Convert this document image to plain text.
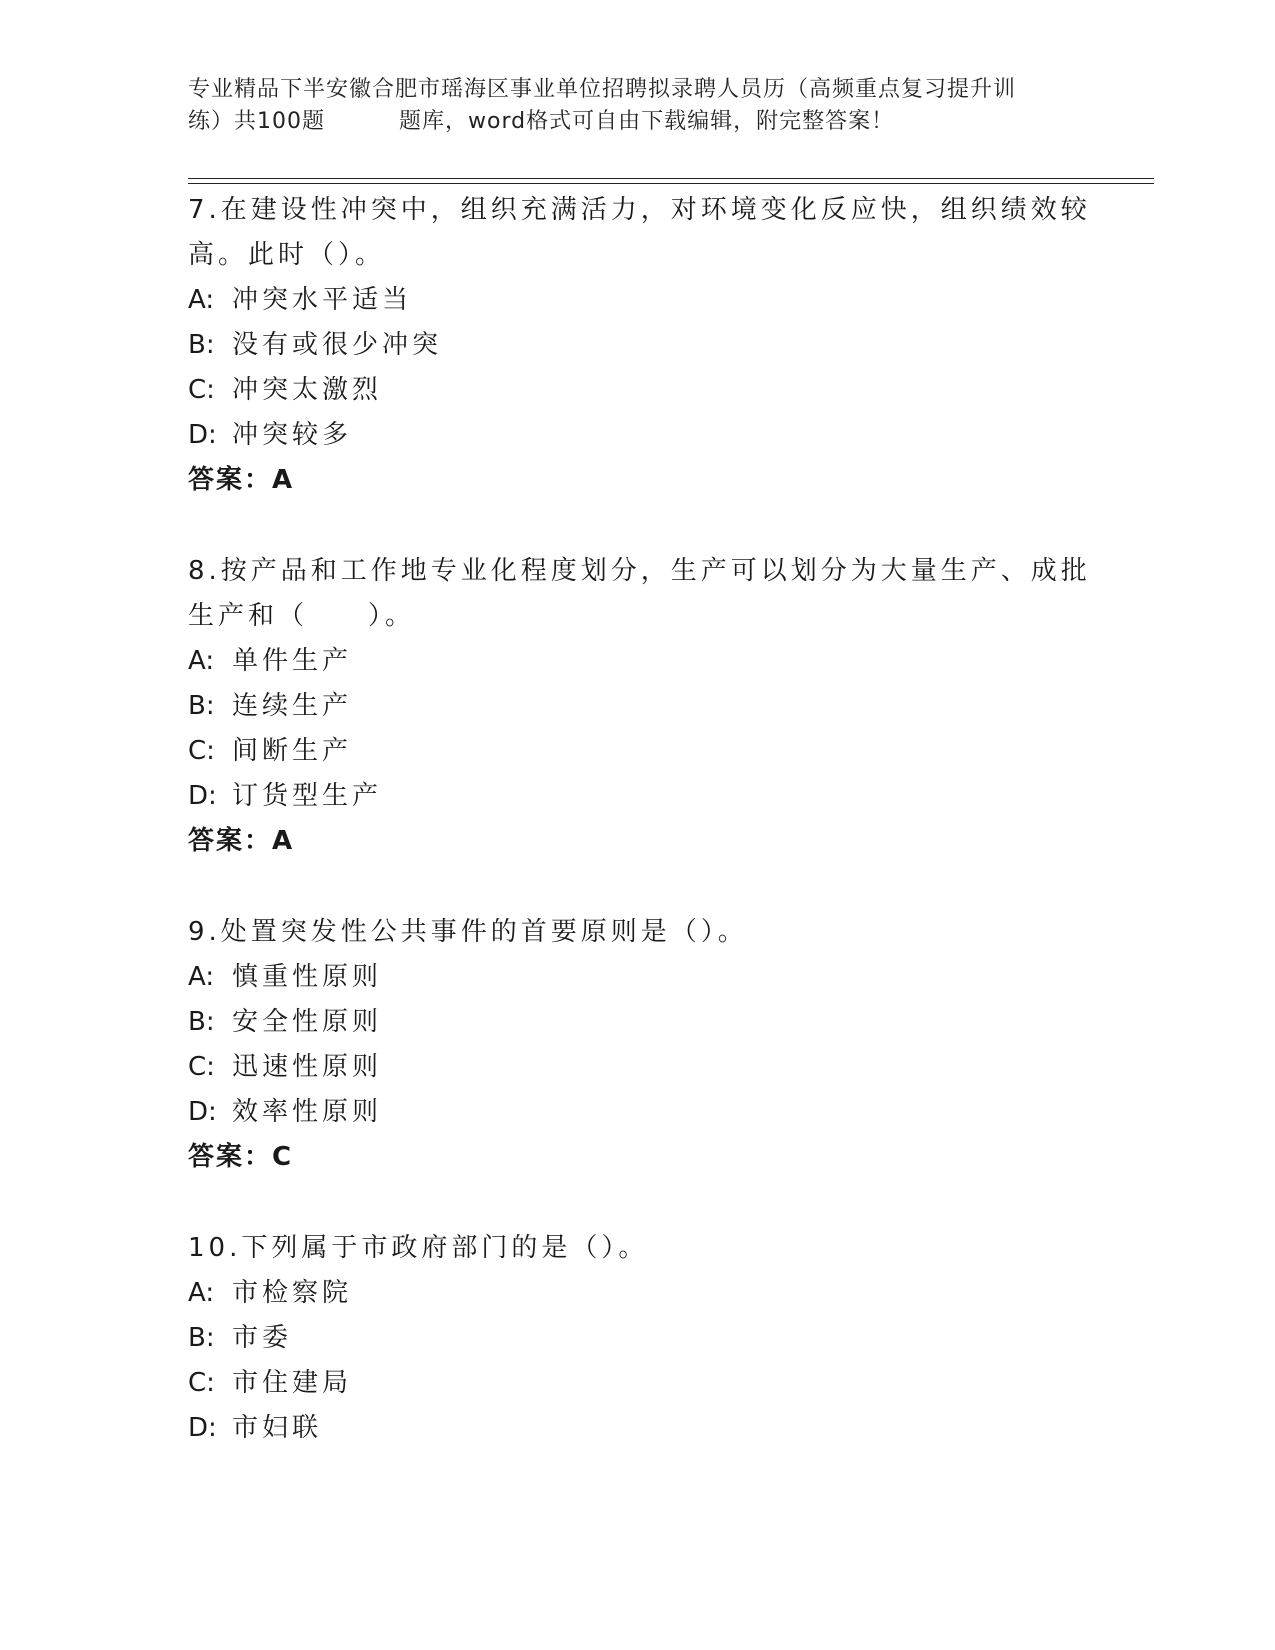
专业精品下半安徽合肥市瑶海区事业单位招聘拟录聘人员历（高频重点复习提升训
练）共100题	题库，word格式可自由下载编辑，附完整答案！
7.在建设性冲突中，组织充满活力，对环境变化反应快，组织绩效较
高。此时（）。
A: 冲突水平适当
B: 没有或很少冲突
C: 冲突太激烈
D: 冲突较多
答案：A
8.按产品和工作地专业化程度划分，生产可以划分为大量生产、成批
生产和（　　）。
A: 单件生产
B: 连续生产
C: 间断生产
D: 订货型生产
答案：A
9.处置突发性公共事件的首要原则是（）。
A: 慎重性原则
B: 安全性原则
C: 迅速性原则
D: 效率性原则
答案：C
10.下列属于市政府部门的是（）。
A: 市检察院
B: 市委
C: 市住建局
D: 市妇联
